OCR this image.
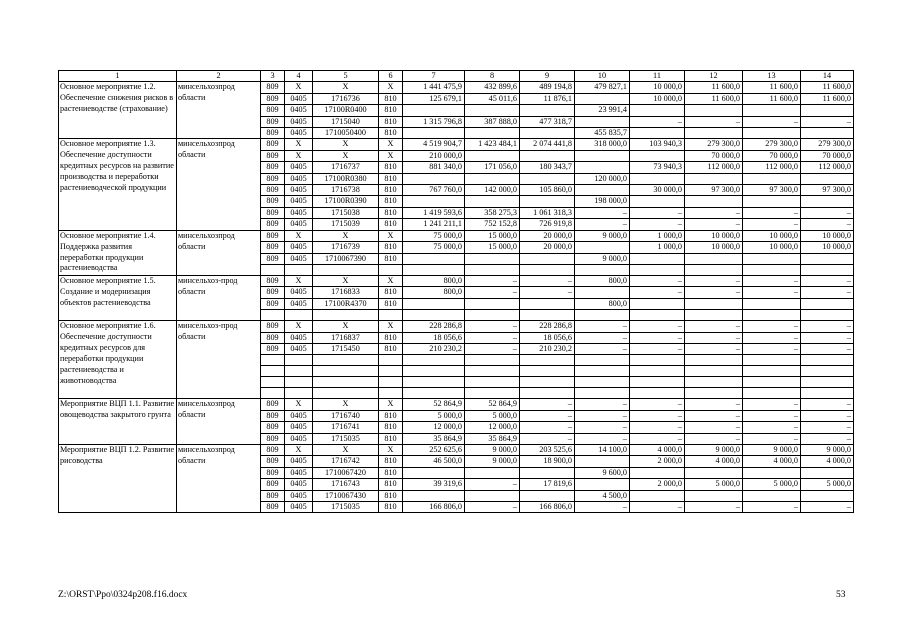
1	2	3	4	5	6	7	8	9	10	11	12	13	14
Основное мероприятие 1.2. Обеспечение снижения рисков в растениеводстве (страхование)	минсельхозпрод области	809	X	X	X	1 441 475,9	432 899,6	489 194,8	479 827,1	10 000,0	11 600,0	11 600,0	11 600,0
		809	0405	1716736	810	125 679,1	45 011,6	11 876,1		10 000,0	11 600,0	11 600,0	11 600,0
		809	0405	17100R0400	810				23 991,4				
		809	0405	1715040	810	1 315 796,8	387 888,0	477 318,7		–	–	–	–
		809	0405	1710050400	810				455 835,7				
Основное мероприятие 1.3. Обеспечение доступности кредитных ресурсов на развитие производства и переработки растениеводческой продукции	минсельхозпрод области	809	X	X	X	4 519 904,7	1 423 484,1	2 074 441,8	318 000,0	103 940,3	279 300,0	279 300,0	279 300,0
		809	X	X	X	210 000,0					70 000,0	70 000,0	70 000,0
		809	0405	1716737	810	881 340,0	171 056,0	180 343,7		73 940,3	112 000,0	112 000,0	112 000,0
		809	0405	17100R0380	810				120 000,0				
		809	0405	1716738	810	767 760,0	142 000,0	105 860,0		30 000,0	97 300,0	97 300,0	97 300,0
		809	0405	17100R0390	810				198 000,0				
		809	0405	1715038	810	1 419 593,6	358 275,3	1 061 318,3	–	–	–	–	–
		809	0405	1715039	810	1 241 211,1	752 152,8	726 919,8	–	–	–	–	–
Основное мероприятие 1.4. Поддержка развития переработки продукции растениеводства	минсельхозпрод области	809	X	X	X	75 000,0	15 000,0	20 000,0	9 000,0	1 000,0	10 000,0	10 000,0	10 000,0
		809	0405	1716739	810	75 000,0	15 000,0	20 000,0		1 000,0	10 000,0	10 000,0	10 000,0
		809	0405	1710067390	810				9 000,0				

Основное мероприятие 1.5. Создание и модернизация объектов растениеводства	минсельхоз-прод области	809	X	X	X	800,0	–	–	800,0	–	–	–	–
		809	0405	1716833	810	800,0	–	–		–	–	–	–
		809	0405	17100R4370	810				800,0				

Основное мероприятие 1.6. Обеспечение доступности кредитных ресурсов для переработки продукции растениеводства и животноводства	минсельхоз-прод области	809	X	X	X	228 286,8	–	228 286,8	–	–	–	–	–
		809	0405	1716837	810	18 056,6	–	18 056,6	–	–	–	–	–
		809	0405	1715450	810	210 230,2	–	210 230,2	–	–	–	–	–

Мероприятие ВЦП 1.1. Развитие овощеводства закрытого грунта	минсельхозпрод области	809	X	X	X	52 864,9	52 864,9	–	–	–	–	–	–
		809	0405	1716740	810	5 000,0	5 000,0	–	–	–	–	–	–
		809	0405	1716741	810	12 000,0	12 000,0	–	–	–	–	–	–
		809	0405	1715035	810	35 864,9	35 864,9	–	–	–	–	–	–
Мероприятие ВЦП 1.2. Развитие рисоводства	минсельхозпрод области	809	X	X	X	252 625,6	9 000,0	203 525,6	14 100,0	4 000,0	9 000,0	9 000,0	9 000,0
		809	0405	1716742	810	46 500,0	9 000,0	18 900,0		2 000,0	4 000,0	4 000,0	4 000,0
		809	0405	1710067420	810				9 600,0				
		809	0405	1716743	810	39 319,6	–	17 819,6		2 000,0	5 000,0	5 000,0	5 000,0
		809	0405	1710067430	810				4 500,0				
		809	0405	1715035	810	166 806,0	–	166 806,0	–	–	–	–	–
Z:\ORST\Ppo\0324p208.f16.docx	53
